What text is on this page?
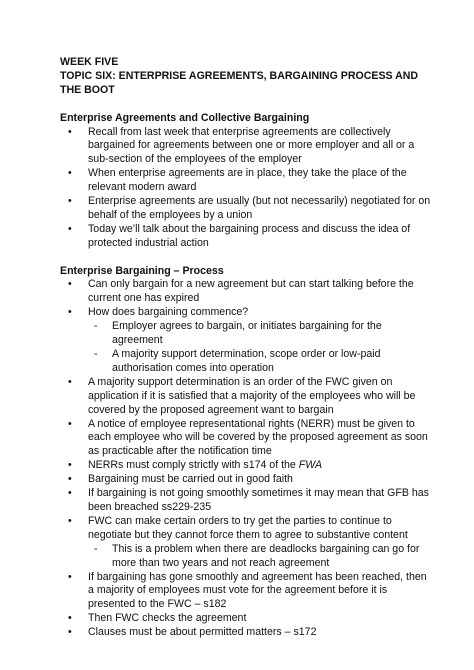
WEEK FIVE

TOPIC SIX: ENTERPRISE AGREEMENTS, BARGAINING PROCESS AND THE BOOT

Enterprise Agreements and Collective Bargaining

• Recall from last week that enterprise agreements are collectively bargained for agreements between one or more employer and all or a sub-section of the employees of the employer
• When enterprise agreements are in place, they take the place of the relevant modern award
• Enterprise agreements are usually (but not necessarily) negotiated for on behalf of the employees by a union
• Today we’ll talk about the bargaining process and discuss the idea of protected industrial action

Enterprise Bargaining – Process

• Can only bargain for a new agreement but can start talking before the current one has expired
• How does bargaining commence?
- Employer agrees to bargain, or initiates bargaining for the agreement
- A majority support determination, scope order or low-paid authorisation comes into operation
• A majority support determination is an order of the FWC given on application if it is satisfied that a majority of the employees who will be covered by the proposed agreement want to bargain
• A notice of employee representational rights (NERR) must be given to each employee who will be covered by the proposed agreement as soon as practicable after the notification time
• NERRs must comply strictly with s174 of the FWA
• Bargaining must be carried out in good faith
• If bargaining is not going smoothly sometimes it may mean that GFB has been breached ss229-235
• FWC can make certain orders to try get the parties to continue to negotiate but they cannot force them to agree to substantive content
- This is a problem when there are deadlocks bargaining can go for more than two years and not reach agreement
• If bargaining has gone smoothly and agreement has been reached, then a majority of employees must vote for the agreement before it is presented to the FWC – s182
• Then FWC checks the agreement
• Clauses must be about permitted matters – s172
